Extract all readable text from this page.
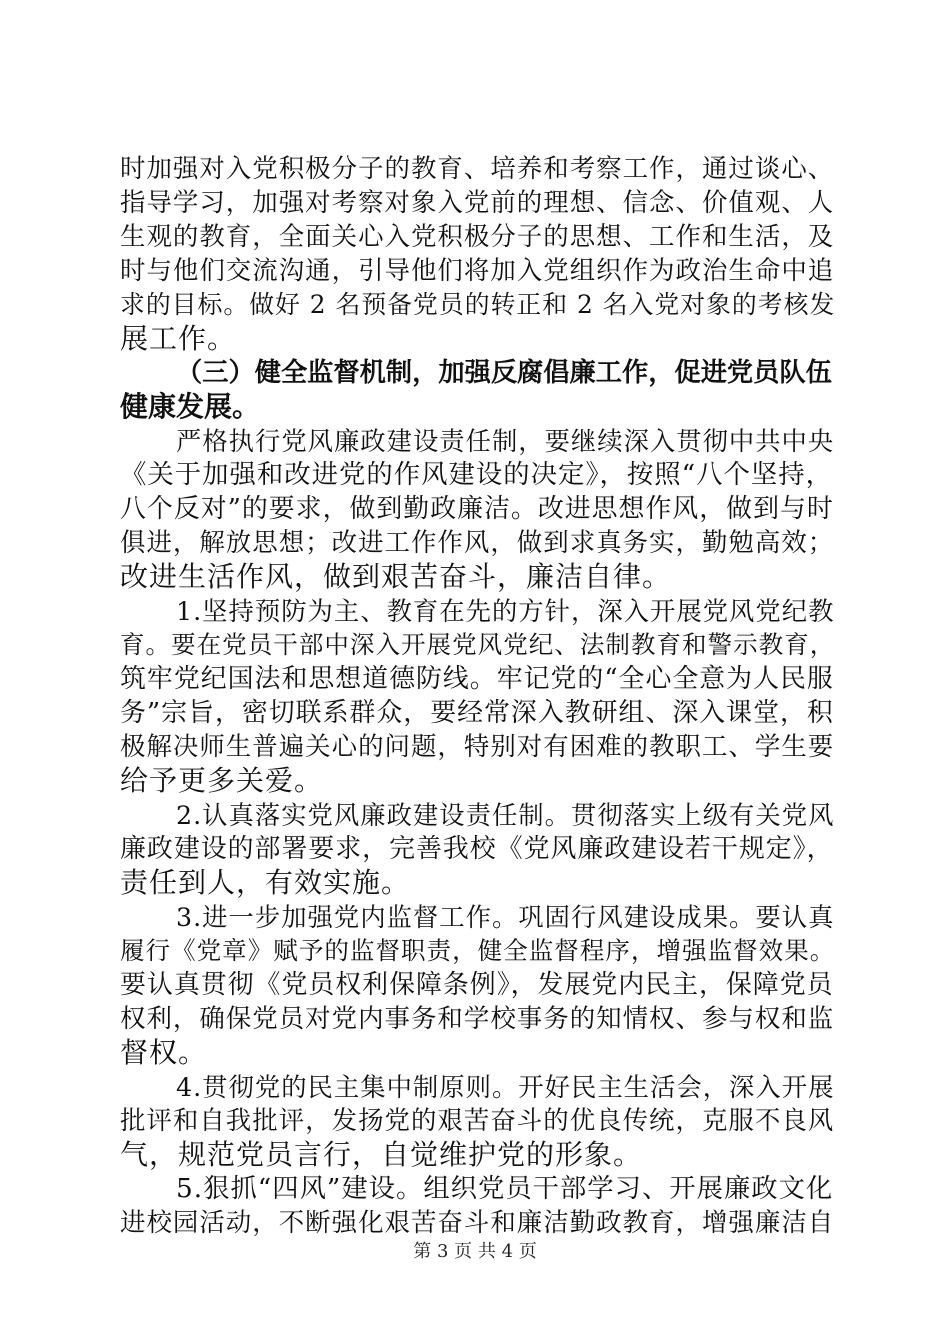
时加强对入党积极分子的教育、培养和考察工作，通过谈心、
指导学习，加强对考察对象入党前的理想、信念、价值观、人
生观的教育，全面关心入党积极分子的思想、工作和生活，及
时与他们交流沟通，引导他们将加入党组织作为政治生命中追
求的目标。做好 2 名预备党员的转正和 2 名入党对象的考核发
展工作。
（三）健全监督机制，加强反腐倡廉工作，促进党员队伍
健康发展。
严格执行党风廉政建设责任制，要继续深入贯彻中共中央
《关于加强和改进党的作风建设的决定》，按照“八个坚持，
八个反对”的要求，做到勤政廉洁。改进思想作风，做到与时
俱进，解放思想；改进工作作风，做到求真务实，勤勉高效；
改进生活作风，做到艰苦奋斗，廉洁自律。
1.坚持预防为主、教育在先的方针，深入开展党风党纪教
育。要在党员干部中深入开展党风党纪、法制教育和警示教育，
筑牢党纪国法和思想道德防线。牢记党的“全心全意为人民服
务”宗旨，密切联系群众，要经常深入教研组、深入课堂，积
极解决师生普遍关心的问题，特别对有困难的教职工、学生要
给予更多关爱。
2.认真落实党风廉政建设责任制。贯彻落实上级有关党风
廉政建设的部署要求，完善我校《党风廉政建设若干规定》，
责任到人，有效实施。
3.进一步加强党内监督工作。巩固行风建设成果。要认真
履行《党章》赋予的监督职责，健全监督程序，增强监督效果。
要认真贯彻《党员权利保障条例》，发展党内民主，保障党员
权利，确保党员对党内事务和学校事务的知情权、参与权和监
督权。
4.贯彻党的民主集中制原则。开好民主生活会，深入开展
批评和自我批评，发扬党的艰苦奋斗的优良传统，克服不良风
气，规范党员言行，自觉维护党的形象。
5.狠抓“四风”建设。组织党员干部学习、开展廉政文化
进校园活动，不断强化艰苦奋斗和廉洁勤政教育，增强廉洁自
第 3 页 共 4 页
